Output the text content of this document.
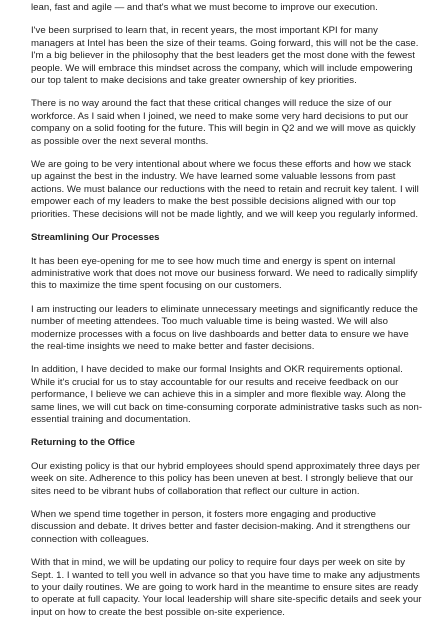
lean, fast and agile — and that's what we must become to improve our execution.

I've been surprised to learn that, in recent years, the most important KPI for many managers at Intel has been the size of their teams. Going forward, this will not be the case. I'm a big believer in the philosophy that the best leaders get the most done with the fewest people. We will embrace this mindset across the company, which will include empowering our top talent to make decisions and take greater ownership of key priorities.

There is no way around the fact that these critical changes will reduce the size of our workforce. As I said when I joined, we need to make some very hard decisions to put our company on a solid footing for the future. This will begin in Q2 and we will move as quickly as possible over the next several months.

We are going to be very intentional about where we focus these efforts and how we stack up against the best in the industry. We have learned some valuable lessons from past actions. We must balance our reductions with the need to retain and recruit key talent. I will empower each of my leaders to make the best possible decisions aligned with our top priorities. These decisions will not be made lightly, and we will keep you regularly informed.

Streamlining Our Processes

It has been eye-opening for me to see how much time and energy is spent on internal administrative work that does not move our business forward. We need to radically simplify this to maximize the time spent focusing on our customers.

I am instructing our leaders to eliminate unnecessary meetings and significantly reduce the number of meeting attendees. Too much valuable time is being wasted. We will also modernize processes with a focus on live dashboards and better data to ensure we have the real-time insights we need to make better and faster decisions.

In addition, I have decided to make our formal Insights and OKR requirements optional. While it's crucial for us to stay accountable for our results and receive feedback on our performance, I believe we can achieve this in a simpler and more flexible way. Along the same lines, we will cut back on time-consuming corporate administrative tasks such as non-essential training and documentation.

Returning to the Office

Our existing policy is that our hybrid employees should spend approximately three days per week on site. Adherence to this policy has been uneven at best. I strongly believe that our sites need to be vibrant hubs of collaboration that reflect our culture in action.

When we spend time together in person, it fosters more engaging and productive discussion and debate. It drives better and faster decision-making. And it strengthens our connection with colleagues.

With that in mind, we will be updating our policy to require four days per week on site by Sept. 1. I wanted to tell you well in advance so that you have time to make any adjustments to your daily routines. We are going to work hard in the meantime to ensure sites are ready to operate at full capacity. Your local leadership will share site-specific details and seek your input on how to create the best possible on-site experience.
